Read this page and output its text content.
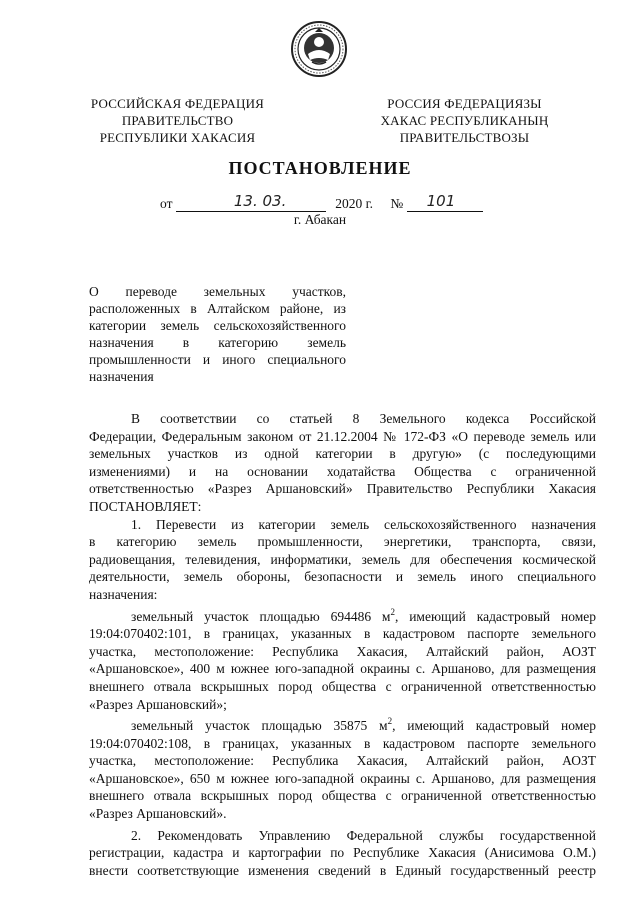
РОССИЙСКАЯ ФЕДЕРАЦИЯ
ПРАВИТЕЛЬСТВО
РЕСПУБЛИКИ ХАКАСИЯ
РОССИЯ ФЕДЕРАЦИЯЗЫ
ХАКАС РЕСПУБЛИКАНЫҢ
ПРАВИТЕЛЬСТВОЗЫ
ПОСТАНОВЛЕНИЕ
от	13. 03.	2020 г. № 101
г. Абакан
О переводе земельных участков,
расположенных в Алтайском районе, из
категории земель сельскохозяйственного
назначения в категорию земель
промышленности и иного специального
назначения
В соответствии со статьей 8 Земельного кодекса Российской
Федерации, Федеральным законом от 21.12.2004 № 172-ФЗ «О переводе земель или
земельных участков из одной категории в другую» (с последующими
изменениями) и на основании ходатайства Общества с ограниченной
ответственностью «Разрез Аршановский» Правительство Республики Хакасия
ПОСТАНОВЛЯЕТ:
1. Перевести из категории земель сельскохозяйственного назначения
в категорию земель промышленности, энергетики, транспорта, связи,
радиовещания, телевидения, информатики, земель для обеспечения космической
деятельности, земель обороны, безопасности и земель иного специального
назначения:
земельный участок площадью 694486 $м^2$, имеющий кадастровый номер
19:04:070402:101, в границах, указанных в кадастровом паспорте земельного
участка, местоположение: Республика Хакасия, Алтайский район, АОЗТ
«Аршановское», 400 м южнее юго-западной окраины с. Аршаново, для размещения
внешнего отвала вскрышных пород общества с ограниченной ответственностью
«Разрез Аршановский»;
земельный участок площадью 35875 $м^2$, имеющий кадастровый номер
19:04:070402:108, в границах, указанных в кадастровом паспорте земельного
участка, местоположение: Республика Хакасия, Алтайский район, АОЗТ
«Аршановское», 650 м южнее юго-западной окраины с. Аршаново, для размещения
внешнего отвала вскрышных пород общества с ограниченной ответственностью
«Разрез Аршановский».
2. Рекомендовать Управлению Федеральной службы государственной
регистрации, кадастра и картографии по Республике Хакасия (Анисимова О.М.)
внести соответствующие изменения сведений в Единый государственный реестр
